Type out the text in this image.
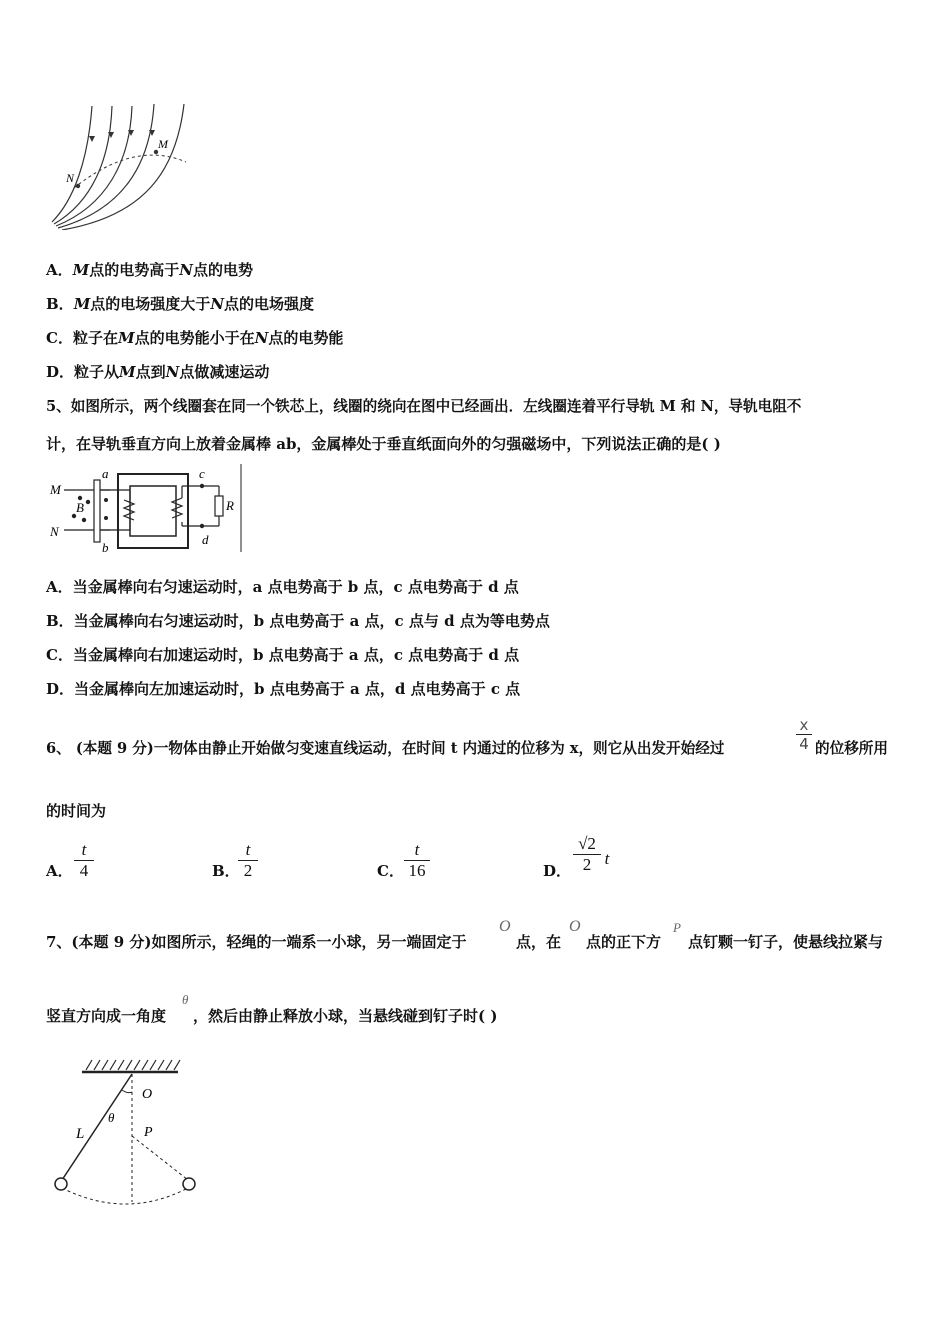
M
N
A．M点的电势高于N点的电势
B．M点的电场强度大于N点的电场强度
C．粒子在M点的电势能小于在N点的电势能
D．粒子从M点到N点做减速运动
5、如图所示，两个线圈套在同一个铁芯上，线圈的绕向在图中已经画出．左线圈连着平行导轨 M 和 N，导轨电阻不
计，在导轨垂直方向上放着金属棒 ab，金属棒处于垂直纸面向外的匀强磁场中，下列说法正确的是( )
M
N
a
b
B
c
d
R
A．当金属棒向右匀速运动时，a 点电势高于 b 点，c 点电势高于 d 点
B．当金属棒向右匀速运动时，b 点电势高于 a 点，c 点与 d 点为等电势点
C．当金属棒向右加速运动时，b 点电势高于 a 点，c 点电势高于 d 点
D．当金属棒向左加速运动时，b 点电势高于 a 点，d 点电势高于 c 点
6、 (本题 9 分)一物体由静止开始做匀变速直线运动，在时间 t 内通过的位移为 x，则它从出发开始经过	$\frac{x}{4}$ 的位移所用
的时间为
A． $\frac{t}{4}$	B．
$\frac{t}{2}$	C． $\frac{t}{16}$	D． $\frac{√2}{2}$ t
7、(本题 9 分)如图所示，轻绳的一端系一小球，另一端固定于
O
点，在
O
点的正下方
P
点钉颗一钉子，使悬线拉紧与
竖直方向成一角度
θ
，然后由静止释放小球，当悬线碰到钉子时( )
O
θ
L	P
